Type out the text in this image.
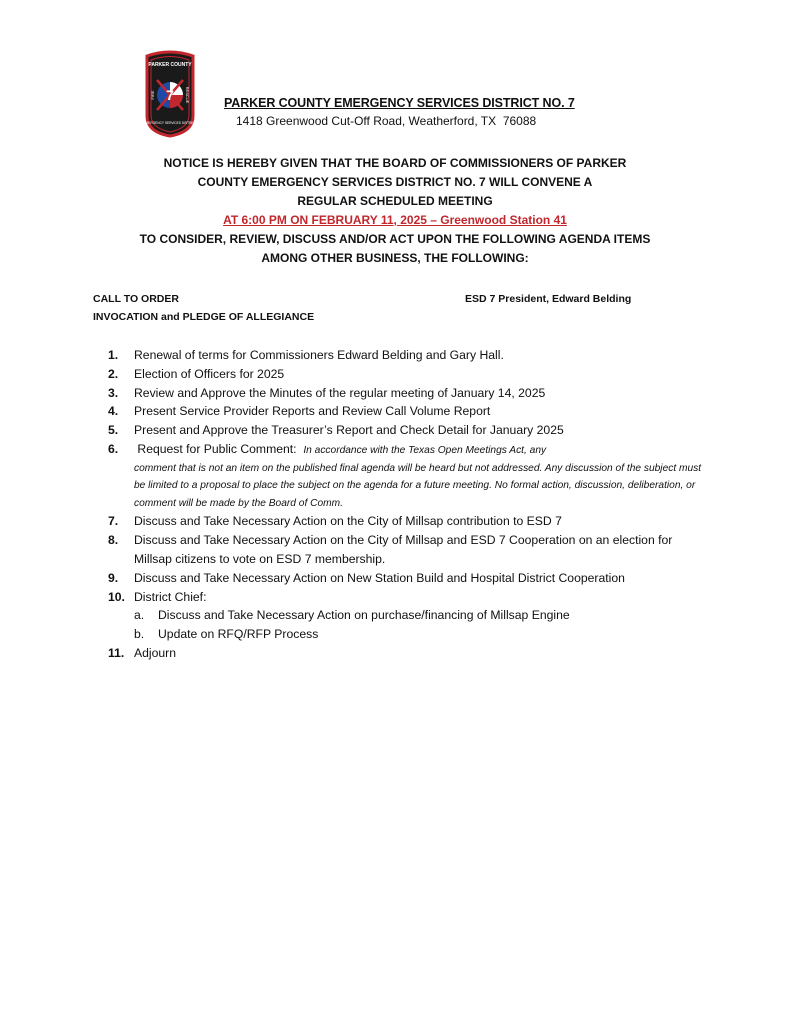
7
PARKER COUNTY
FIRE	RESCUE
EMERGENCY SERVICES DISTRICT
PARKER COUNTY EMERGENCY SERVICES DISTRICT NO. 7
1418 Greenwood Cut-Off Road, Weatherford, TX  76088
NOTICE IS HEREBY GIVEN THAT THE BOARD OF COMMISSIONERS OF PARKER
COUNTY EMERGENCY SERVICES DISTRICT NO. 7 WILL CONVENE A
REGULAR SCHEDULED MEETING
AT 6:00 PM ON FEBRUARY 11, 2025 – Greenwood Station 41
TO CONSIDER, REVIEW, DISCUSS AND/OR ACT UPON THE FOLLOWING AGENDA ITEMS
AMONG OTHER BUSINESS, THE FOLLOWING:
CALL TO ORDER	ESD 7 President, Edward Belding
INVOCATION and PLEDGE OF ALLEGIANCE
1. Renewal of terms for Commissioners Edward Belding and Gary Hall.
2. Election of Officers for 2025
3. Review and Approve the Minutes of the regular meeting of January 14, 2025
4. Present Service Provider Reports and Review Call Volume Report
5. Present and Approve the Treasurer’s Report and Check Detail for January 2025
6. Request for Public Comment:  In accordance with the Texas Open Meetings Act, any
comment that is not an item on the published final agenda will be heard but not addressed. Any discussion of the subject must be limited to a proposal to place the subject on the agenda for a future meeting. No formal action, discussion, deliberation, or comment will be made by the Board of Comm.
7. Discuss and Take Necessary Action on the City of Millsap contribution to ESD 7
8. Discuss and Take Necessary Action on the City of Millsap and ESD 7 Cooperation on an election for Millsap citizens to vote on ESD 7 membership.
9. Discuss and Take Necessary Action on New Station Build and Hospital District Cooperation
10. District Chief:
a. Discuss and Take Necessary Action on purchase/financing of Millsap Engine
b. Update on RFQ/RFP Process
11. Adjourn
